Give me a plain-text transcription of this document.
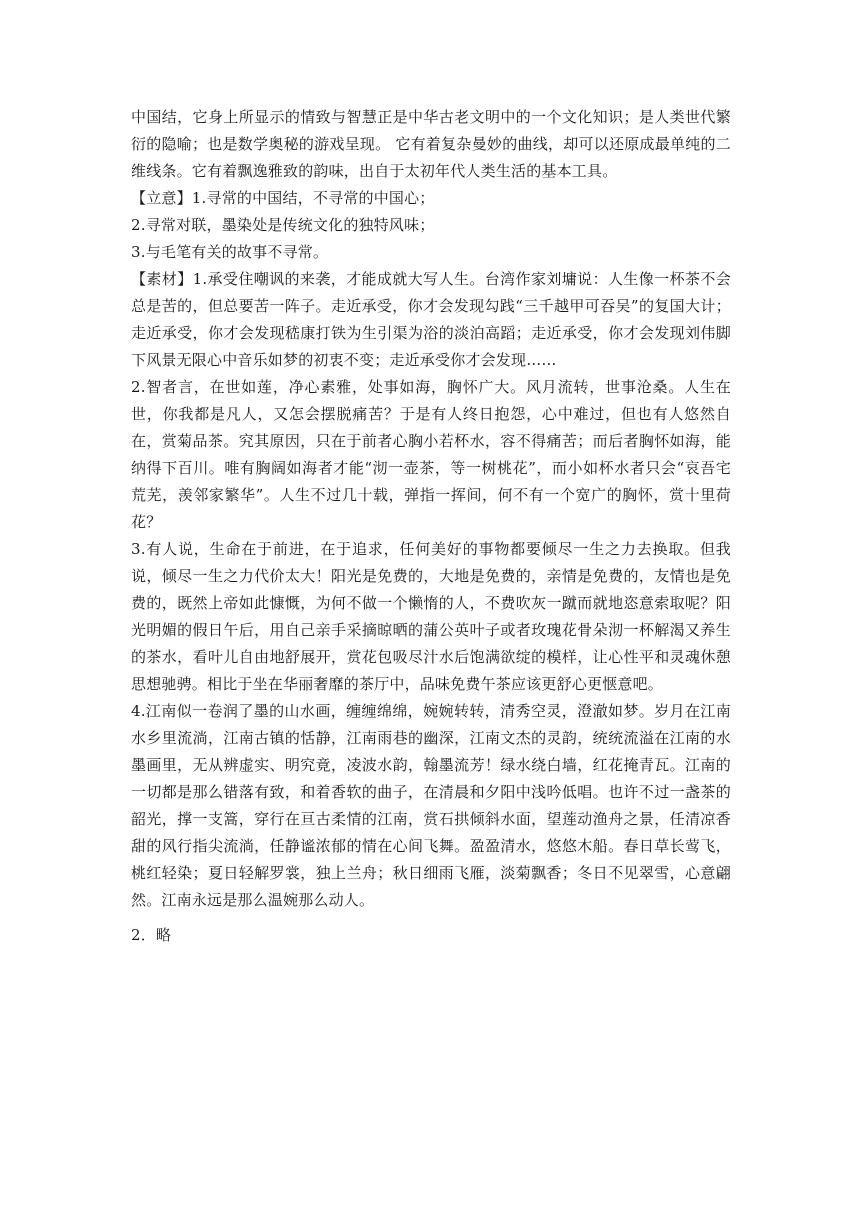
中国结，它身上所显示的情致与智慧正是中华古老文明中的一个文化知识；是人类世代繁衍的隐喻；也是数学奥秘的游戏呈现。 它有着复杂曼妙的曲线，却可以还原成最单纯的二维线条。它有着飘逸雅致的韵味，出自于太初年代人类生活的基本工具。

【立意】1.寻常的中国结，不寻常的中国心；

2.寻常对联，墨染处是传统文化的独特风味；

3.与毛笔有关的故事不寻常。

【素材】1.承受住嘲讽的来袭，才能成就大写人生。台湾作家刘墉说：人生像一杯茶不会总是苦的，但总要苦一阵子。走近承受，你才会发现勾践“三千越甲可吞吴”的复国大计；走近承受，你才会发现嵇康打铁为生引渠为浴的淡泊高蹈；走近承受，你才会发现刘伟脚下风景无限心中音乐如梦的初衷不变；走近承受你才会发现……

2.智者言，在世如莲，净心素雅，处事如海，胸怀广大。风月流转，世事沧桑。人生在世，你我都是凡人，又怎会摆脱痛苦？于是有人终日抱怨，心中难过，但也有人悠然自在，赏菊品茶。究其原因，只在于前者心胸小若杯水，容不得痛苦；而后者胸怀如海，能纳得下百川。唯有胸阔如海者才能“沏一壶茶，等一树桃花”，而小如杯水者只会“哀吾宅荒芜，羡邻家繁华”。人生不过几十载，弹指一挥间，何不有一个宽广的胸怀，赏十里荷花？

3.有人说，生命在于前进，在于追求，任何美好的事物都要倾尽一生之力去换取。但我说，倾尽一生之力代价太大！阳光是免费的，大地是免费的，亲情是免费的，友情也是免费的，既然上帝如此慷慨，为何不做一个懒惰的人，不费吹灰一蹴而就地恣意索取呢？阳光明媚的假日午后，用自己亲手采摘晾晒的蒲公英叶子或者玫瑰花骨朵沏一杯解渴又养生的茶水，看叶儿自由地舒展开，赏花包吸尽汁水后饱满欲绽的模样，让心性平和灵魂休憩思想驰骋。相比于坐在华丽奢靡的茶厅中，品味免费午茶应该更舒心更惬意吧。

4.江南似一卷润了墨的山水画，缠缠绵绵，婉婉转转，清秀空灵，澄澈如梦。岁月在江南水乡里流淌，江南古镇的恬静，江南雨巷的幽深，江南文杰的灵韵，统统流溢在江南的水墨画里，无从辨虚实、明究竟，凌波水韵，翰墨流芳！绿水绕白墙，红花掩青瓦。江南的一切都是那么错落有致，和着香软的曲子，在清晨和夕阳中浅吟低唱。也许不过一盏茶的韶光，撑一支篙，穿行在亘古柔情的江南，赏石拱倾斜水面，望莲动渔舟之景，任清凉香甜的风行指尖流淌，任静谧浓郁的情在心间飞舞。盈盈清水，悠悠木船。春日草长莺飞，桃红轻染；夏日轻解罗裳，独上兰舟；秋日细雨飞雁，淡菊飘香；冬日不见翠雪，心意翩然。江南永远是那么温婉那么动人。

2．略
